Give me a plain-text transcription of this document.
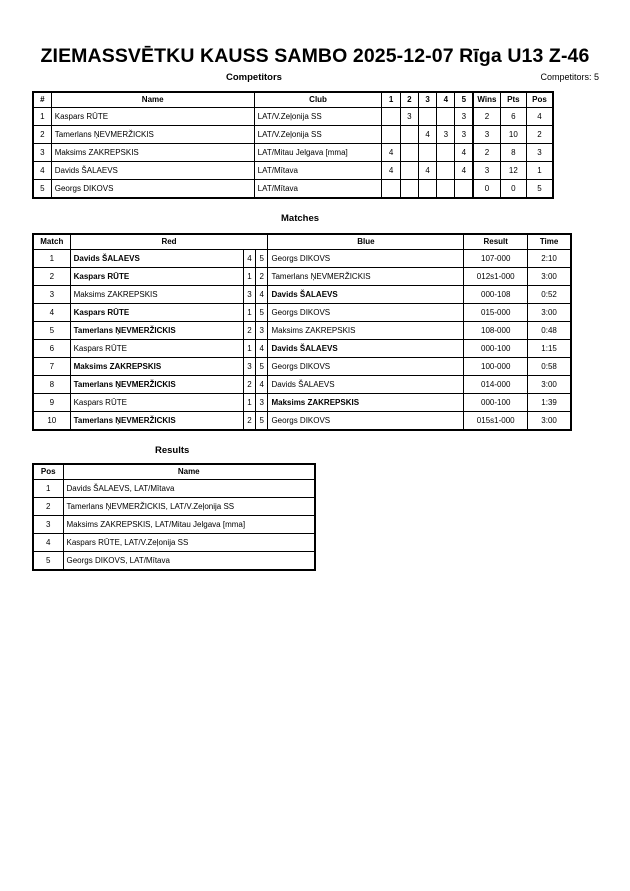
ZIEMASSVĒTKU KAUSS SAMBO 2025-12-07 Rīga U13 Z-46
Competitors	Competitors: 5
#	Name	Club	1	2	3	4	5	Wins	Pts	Pos
1	Kaspars RŪTE	LAT/V.Zeļonija SS		3			3	2	6	4
2	Tamerlans ŅEVMERŽICKIS	LAT/V.Zeļonija SS			4	3	3	3	10	2
3	Maksims ZAKREPSKIS	LAT/Mitau Jelgava [mma]	4				4	2	8	3
4	Davids ŠALAEVS	LAT/Mītava	4		4		4	3	12	1
5	Georgs DIKOVS	LAT/Mītava						0	0	5
Matches
Match	Red			Blue	Result	Time
1	Davids ŠALAEVS	4	5	Georgs DIKOVS	107-000	2:10
2	Kaspars RŪTE	1	2	Tamerlans ŅEVMERŽICKIS	012s1-000	3:00
3	Maksims ZAKREPSKIS	3	4	Davids ŠALAEVS	000-108	0:52
4	Kaspars RŪTE	1	5	Georgs DIKOVS	015-000	3:00
5	Tamerlans ŅEVMERŽICKIS	2	3	Maksims ZAKREPSKIS	108-000	0:48
6	Kaspars RŪTE	1	4	Davids ŠALAEVS	000-100	1:15
7	Maksims ZAKREPSKIS	3	5	Georgs DIKOVS	100-000	0:58
8	Tamerlans ŅEVMERŽICKIS	2	4	Davids ŠALAEVS	014-000	3:00
9	Kaspars RŪTE	1	3	Maksims ZAKREPSKIS	000-100	1:39
10	Tamerlans ŅEVMERŽICKIS	2	5	Georgs DIKOVS	015s1-000	3:00
Results
Pos	Name
1	Davids ŠALAEVS, LAT/Mītava
2	Tamerlans ŅEVMERŽICKIS, LAT/V.Zeļonija SS
3	Maksims ZAKREPSKIS, LAT/Mitau Jelgava [mma]
4	Kaspars RŪTE, LAT/V.Zeļonija SS
5	Georgs DIKOVS, LAT/Mītava
